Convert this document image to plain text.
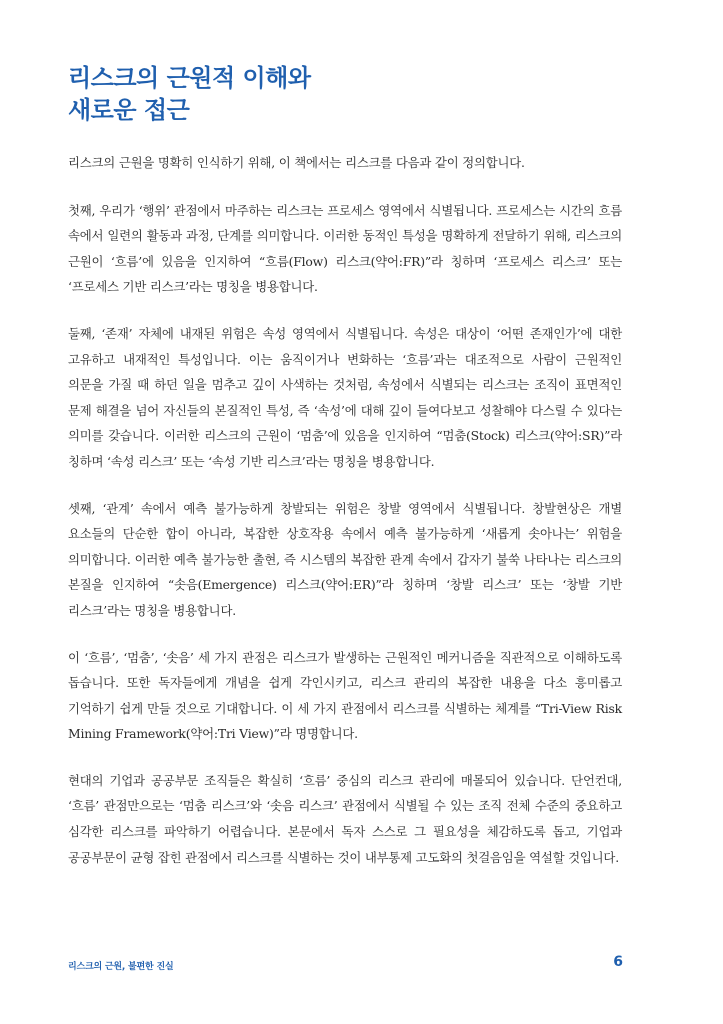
리스크의 근원적 이해와
새로운 접근

리스크의 근원을 명확히 인식하기 위해, 이 책에서는 리스크를 다음과 같이 정의합니다.

첫째, 우리가 ‘행위’ 관점에서 마주하는 리스크는 프로세스 영역에서 식별됩니다. 프로세스는 시간의 흐름 속에서 일련의 활동과 과정, 단계를 의미합니다. 이러한 동적인 특성을 명확하게 전달하기 위해, 리스크의 근원이 ‘흐름’에 있음을 인지하여 “흐름(Flow) 리스크(약어:FR)”라 칭하며 ‘프로세스 리스크’ 또는 ‘프로세스 기반 리스크’라는 명칭을 병용합니다.

둘째, ‘존재’ 자체에 내재된 위험은 속성 영역에서 식별됩니다. 속성은 대상이 ‘어떤 존재인가’에 대한 고유하고 내재적인 특성입니다. 이는 움직이거나 변화하는 ‘흐름’과는 대조적으로 사람이 근원적인 의문을 가질 때 하던 일을 멈추고 깊이 사색하는 것처럼, 속성에서 식별되는 리스크는 조직이 표면적인 문제 해결을 넘어 자신들의 본질적인 특성, 즉 ‘속성’에 대해 깊이 들여다보고 성찰해야 다스릴 수 있다는 의미를 갖습니다. 이러한 리스크의 근원이 ‘멈춤’에 있음을 인지하여 “멈춤(Stock) 리스크(약어:SR)”라 칭하며 ‘속성 리스크’ 또는 ‘속성 기반 리스크’라는 명칭을 병용합니다.

셋째, ‘관계’ 속에서 예측 불가능하게 창발되는 위험은 창발 영역에서 식별됩니다. 창발현상은 개별 요소들의 단순한 합이 아니라, 복잡한 상호작용 속에서 예측 불가능하게 ‘새롭게 솟아나는’ 위험을 의미합니다. 이러한 예측 불가능한 출현, 즉 시스템의 복잡한 관계 속에서 갑자기 불쑥 나타나는 리스크의 본질을 인지하여 “솟음(Emergence) 리스크(약어:ER)”라 칭하며 ‘창발 리스크’ 또는 ‘창발 기반 리스크’라는 명칭을 병용합니다.

이 ‘흐름’, ‘멈춤’, ‘솟음’ 세 가지 관점은 리스크가 발생하는 근원적인 메커니즘을 직관적으로 이해하도록 돕습니다. 또한 독자들에게 개념을 쉽게 각인시키고, 리스크 관리의 복잡한 내용을 다소 흥미롭고 기억하기 쉽게 만들 것으로 기대합니다. 이 세 가지 관점에서 리스크를 식별하는 체계를 “Tri-View Risk Mining Framework(약어:Tri View)”라 명명합니다.

현대의 기업과 공공부문 조직들은 확실히 ‘흐름’ 중심의 리스크 관리에 매몰되어 있습니다. 단언컨대, ‘흐름’ 관점만으로는 ‘멈춤 리스크’와 ‘솟음 리스크’ 관점에서 식별될 수 있는 조직 전체 수준의 중요하고 심각한 리스크를 파악하기 어렵습니다. 본문에서 독자 스스로 그 필요성을 체감하도록 돕고, 기업과 공공부문이 균형 잡힌 관점에서 리스크를 식별하는 것이 내부통제 고도화의 첫걸음임을 역설할 것입니다.

리스크의 근원, 불편한 진실	6
